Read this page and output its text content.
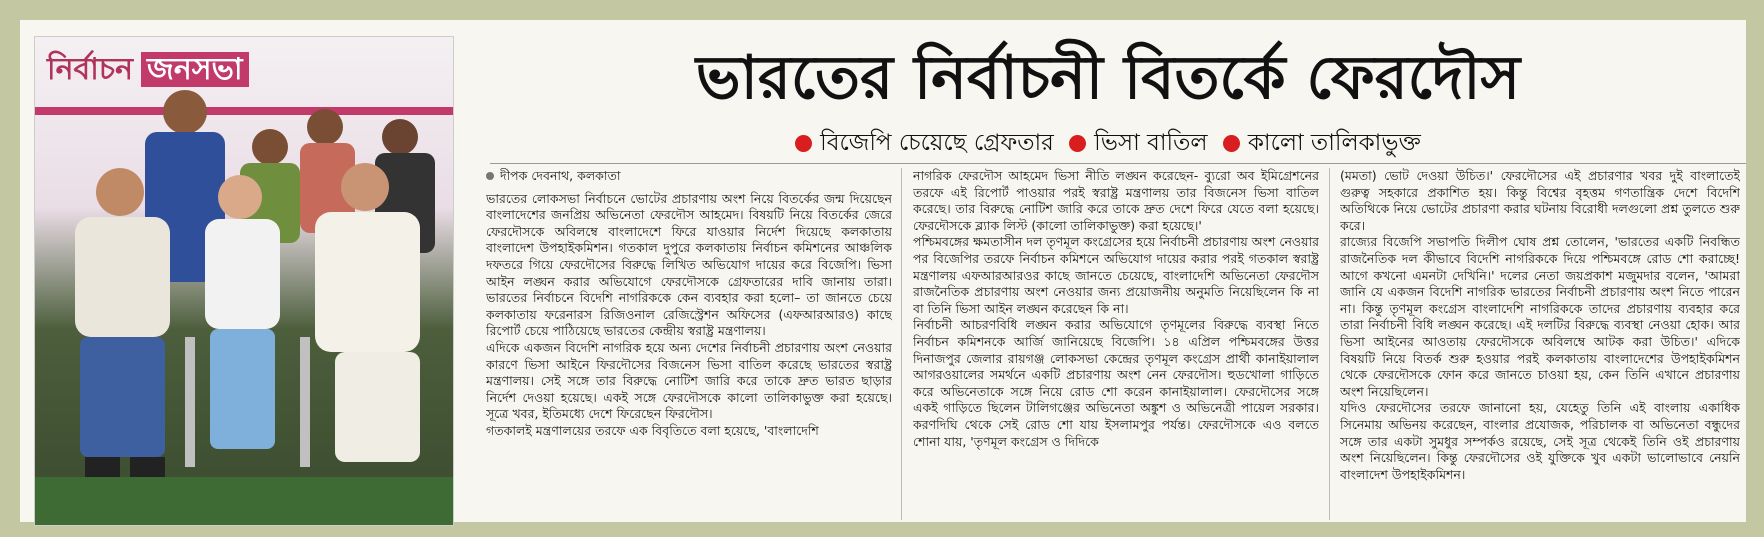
নির্বাচন জনসভা	ভারতের নির্বাচনী বিতর্কে ফেরদৌস
বিজেপি চেয়েছে গ্রেফতার ভিসা বাতিল কালো তালিকাভুক্ত

দীপক দেবনাথ, কলকাতা

ভারতের লোকসভা নির্বাচনে ভোটের প্রচারণায় অংশ নিয়ে বিতর্কের জন্ম দিয়েছেন বাংলাদেশের জনপ্রিয় অভিনেতা ফেরদৌস আহমেদ। বিষয়টি নিয়ে বিতর্কের জেরে ফেরদৌসকে অবিলম্বে বাংলাদেশে ফিরে যাওয়ার নির্দেশ দিয়েছে কলকাতায় বাংলাদেশ উপহাইকমিশন। গতকাল দুপুরে কলকাতায় নির্বাচন কমিশনের আঞ্চলিক দফতরে গিয়ে ফেরদৌসের বিরুদ্ধে লিখিত অভিযোগ দায়ের করে বিজেপি। ভিসা আইন লঙ্ঘন করার অভিযোগে ফেরদৌসকে গ্রেফতারের দাবি জানায় তারা। ভারতের নির্বাচনে বিদেশি নাগরিককে কেন ব্যবহার করা হলো– তা জানতে চেয়ে কলকাতায় ফরেনারস রিজিওনাল রেজিস্ট্রেশন অফিসের (এফআরআরও) কাছে রিপোর্ট চেয়ে পাঠিয়েছে ভারতের কেন্দ্রীয় স্বরাষ্ট্র মন্ত্রণালয়।

এদিকে একজন বিদেশি নাগরিক হয়ে অন্য দেশের নির্বাচনী প্রচারণায় অংশ নেওয়ার কারণে ভিসা আইনে ফিরদৌসের বিজনেস ভিসা বাতিল করেছে ভারতের স্বরাষ্ট্র মন্ত্রণালয়। সেই সঙ্গে তার বিরুদ্ধে নোটিশ জারি করে তাকে দ্রুত ভারত ছাড়ার নির্দেশ দেওয়া হয়েছে। একই সঙ্গে ফেরদৌসকে কালো তালিকাভুক্ত করা হয়েছে। সূত্রে খবর, ইতিমধ্যে দেশে ফিরেছেন ফিরদৌস।

গতকালই মন্ত্রণালয়ের তরফে এক বিবৃতিতে বলা হয়েছে, 'বাংলাদেশি

নাগরিক ফেরদৌস আহমেদ ভিসা নীতি লঙ্ঘন করেছেন- ব্যুরো অব ইমিগ্রেশনের তরফে এই রিপোর্ট পাওয়ার পরই স্বরাষ্ট্র মন্ত্রণালয় তার বিজনেস ভিসা বাতিল করেছে। তার বিরুদ্ধে নোটিশ জারি করে তাকে দ্রুত দেশে ফিরে যেতে বলা হয়েছে। ফেরদৌসকে ব্ল্যাক লিস্ট (কালো তালিকাভুক্ত) করা হয়েছে।'

পশ্চিমবঙ্গের ক্ষমতাসীন দল তৃণমূল কংগ্রেসের হয়ে নির্বাচনী প্রচারণায় অংশ নেওয়ার পর বিজেপির তরফে নির্বাচন কমিশনে অভিযোগ দায়ের করার পরই গতকাল স্বরাষ্ট্র মন্ত্রণালয় এফআরআরওর কাছে জানতে চেয়েছে, বাংলাদেশি অভিনেতা ফেরদৌস রাজনৈতিক প্রচারণায় অংশ নেওয়ার জন্য প্রয়োজনীয় অনুমতি নিয়েছিলেন কি না বা তিনি ভিসা আইন লঙ্ঘন করেছেন কি না।

নির্বাচনী আচরণবিধি লঙ্ঘন করার অভিযোগে তৃণমূলের বিরুদ্ধে ব্যবস্থা নিতে নির্বাচন কমিশনকে আর্জি জানিয়েছে বিজেপি। ১৪ এপ্রিল পশ্চিমবঙ্গের উত্তর দিনাজপুর জেলার রায়গঞ্জ লোকসভা কেন্দ্রের তৃণমূল কংগ্রেস প্রার্থী কানাইয়ালাল আগরওয়ালের সমর্থনে একটি প্রচারণায় অংশ নেন ফেরদৌস। হুডখোলা গাড়িতে করে অভিনেতাকে সঙ্গে নিয়ে রোড শো করেন কানাইয়ালাল। ফেরদৌসের সঙ্গে একই গাড়িতে ছিলেন টালিগঞ্জের অভিনেতা অঙ্কুশ ও অভিনেত্রী পায়েল সরকার। করণদিঘি থেকে সেই রোড শো যায় ইসলামপুর পর্যন্ত। ফেরদৌসকে এও বলতে শোনা যায়, 'তৃণমূল কংগ্রেস ও দিদিকে

(মমতা) ভোট দেওয়া উচিত।' ফেরদৌসের এই প্রচারণার খবর দুই বাংলাতেই গুরুত্ব সহকারে প্রকাশিত হয়। কিন্তু বিশ্বের বৃহত্তম গণতান্ত্রিক দেশে বিদেশি অতিথিকে নিয়ে ভোটের প্রচারণা করার ঘটনায় বিরোধী দলগুলো প্রশ্ন তুলতে শুরু করে।

রাজ্যের বিজেপি সভাপতি দিলীপ ঘোষ প্রশ্ন তোলেন, 'ভারতের একটি নিবন্ধিত রাজনৈতিক দল কীভাবে বিদেশি নাগরিককে দিয়ে পশ্চিমবঙ্গে রোড শো করাচ্ছে! আগে কখনো এমনটা দেখিনি।' দলের নেতা জয়প্রকাশ মজুমদার বলেন, 'আমরা জানি যে একজন বিদেশি নাগরিক ভারতের নির্বাচনী প্রচারণায় অংশ নিতে পারেন না। কিন্তু তৃণমূল কংগ্রেস বাংলাদেশি নাগরিককে তাদের প্রচারণায় ব্যবহার করে তারা নির্বাচনী বিধি লঙ্ঘন করেছে। এই দলটির বিরুদ্ধে ব্যবস্থা নেওয়া হোক। আর ভিসা আইনের আওতায় ফেরদৌসকে অবিলম্বে আটক করা উচিত।' এদিকে বিষয়টি নিয়ে বিতর্ক শুরু হওয়ার পরই কলকাতায় বাংলাদেশের উপহাইকমিশন থেকে ফেরদৌসকে ফোন করে জানতে চাওয়া হয়, কেন তিনি এখানে প্রচারণায় অংশ নিয়েছিলেন।

যদিও ফেরদৌসের তরফে জানানো হয়, যেহেতু তিনি এই বাংলায় একাধিক সিনেমায় অভিনয় করেছেন, বাংলার প্রযোজক, পরিচালক বা অভিনেতা বন্ধুদের সঙ্গে তার একটা সুমধুর সম্পর্কও রয়েছে, সেই সূত্র থেকেই তিনি ওই প্রচারণায় অংশ নিয়েছিলেন। কিন্তু ফেরদৌসের ওই যুক্তিকে খুব একটা ভালোভাবে নেয়নি বাংলাদেশ উপহাইকমিশন।
